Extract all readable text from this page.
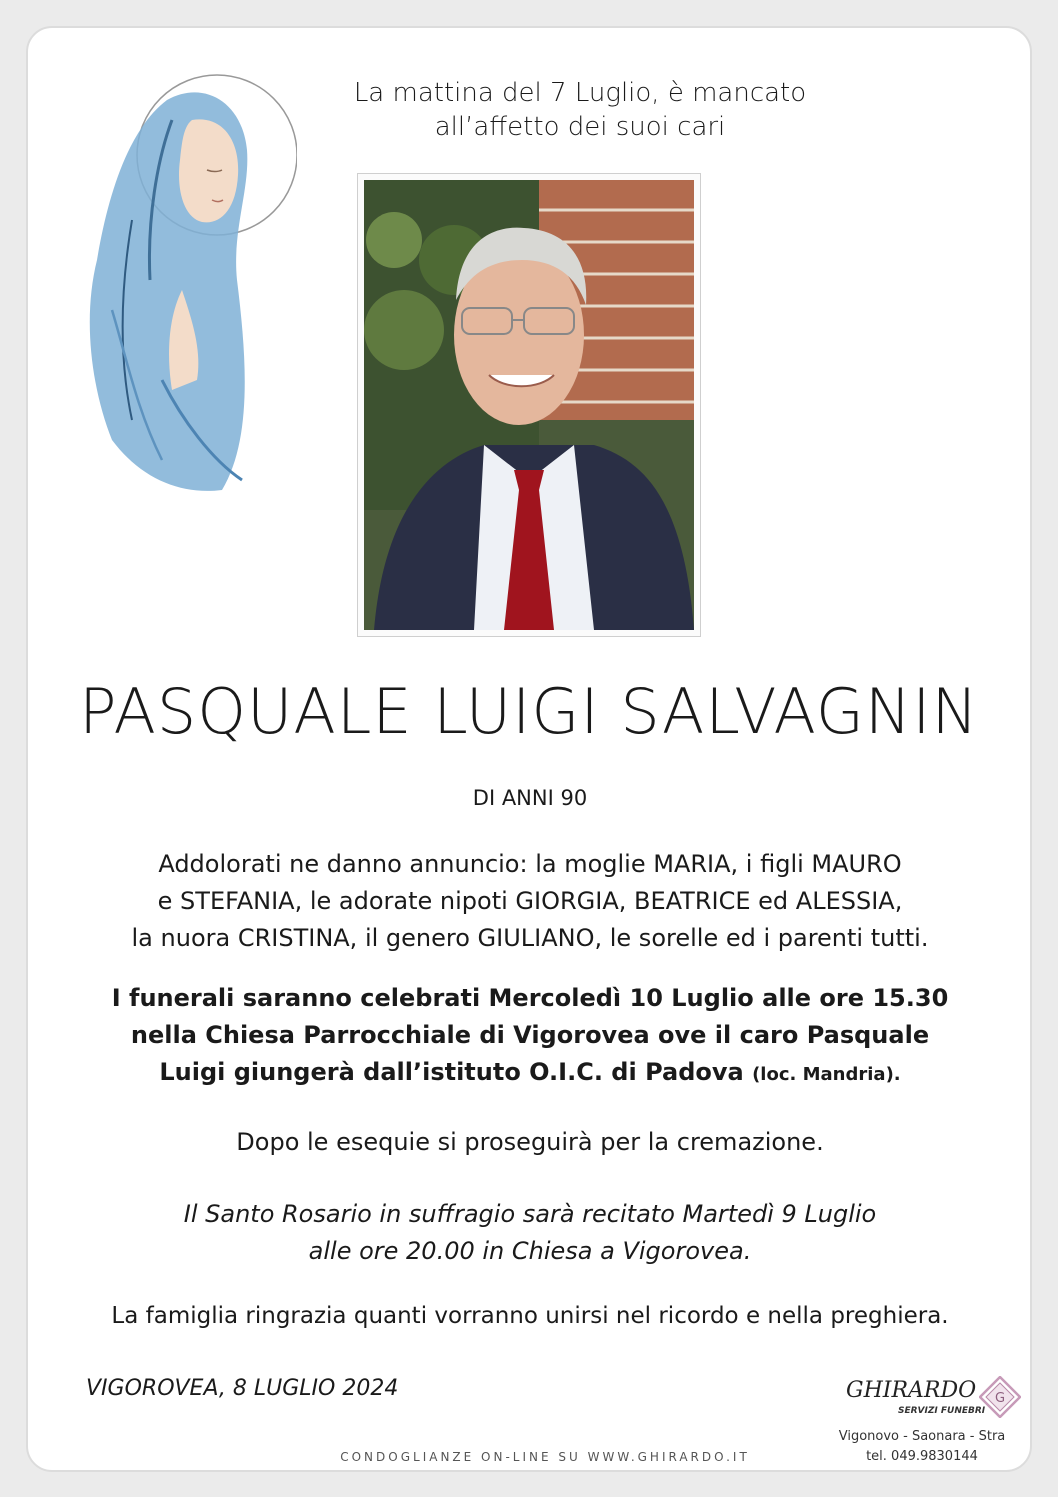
La mattina del 7 Luglio, è mancato
all’affetto dei suoi cari
PASQUALE LUIGI SALVAGNIN
DI ANNI 90
Addolorati ne danno annuncio: la moglie MARIA, i figli MAURO
e STEFANIA, le adorate nipoti GIORGIA, BEATRICE ed ALESSIA,
la nuora CRISTINA, il genero GIULIANO, le sorelle ed i parenti tutti.
I funerali saranno celebrati Mercoledì 10 Luglio alle ore 15.30
nella Chiesa Parrocchiale di Vigorovea ove il caro Pasquale
Luigi giungerà dall’istituto O.I.C. di Padova (loc. Mandria).
Dopo le esequie si proseguirà per la cremazione.
Il Santo Rosario in suffragio sarà recitato Martedì 9 Luglio
alle ore 20.00 in Chiesa a Vigorovea.
La famiglia ringrazia quanti vorranno unirsi nel ricordo e nella preghiera.
VIGOROVEA, 8 LUGLIO 2024
CONDOGLIANZE ON-LINE SU WWW.GHIRARDO.IT
GHIRARDO
SERVIZI FUNEBRI
G
Vigonovo - Saonara - Stra
tel. 049.9830144
